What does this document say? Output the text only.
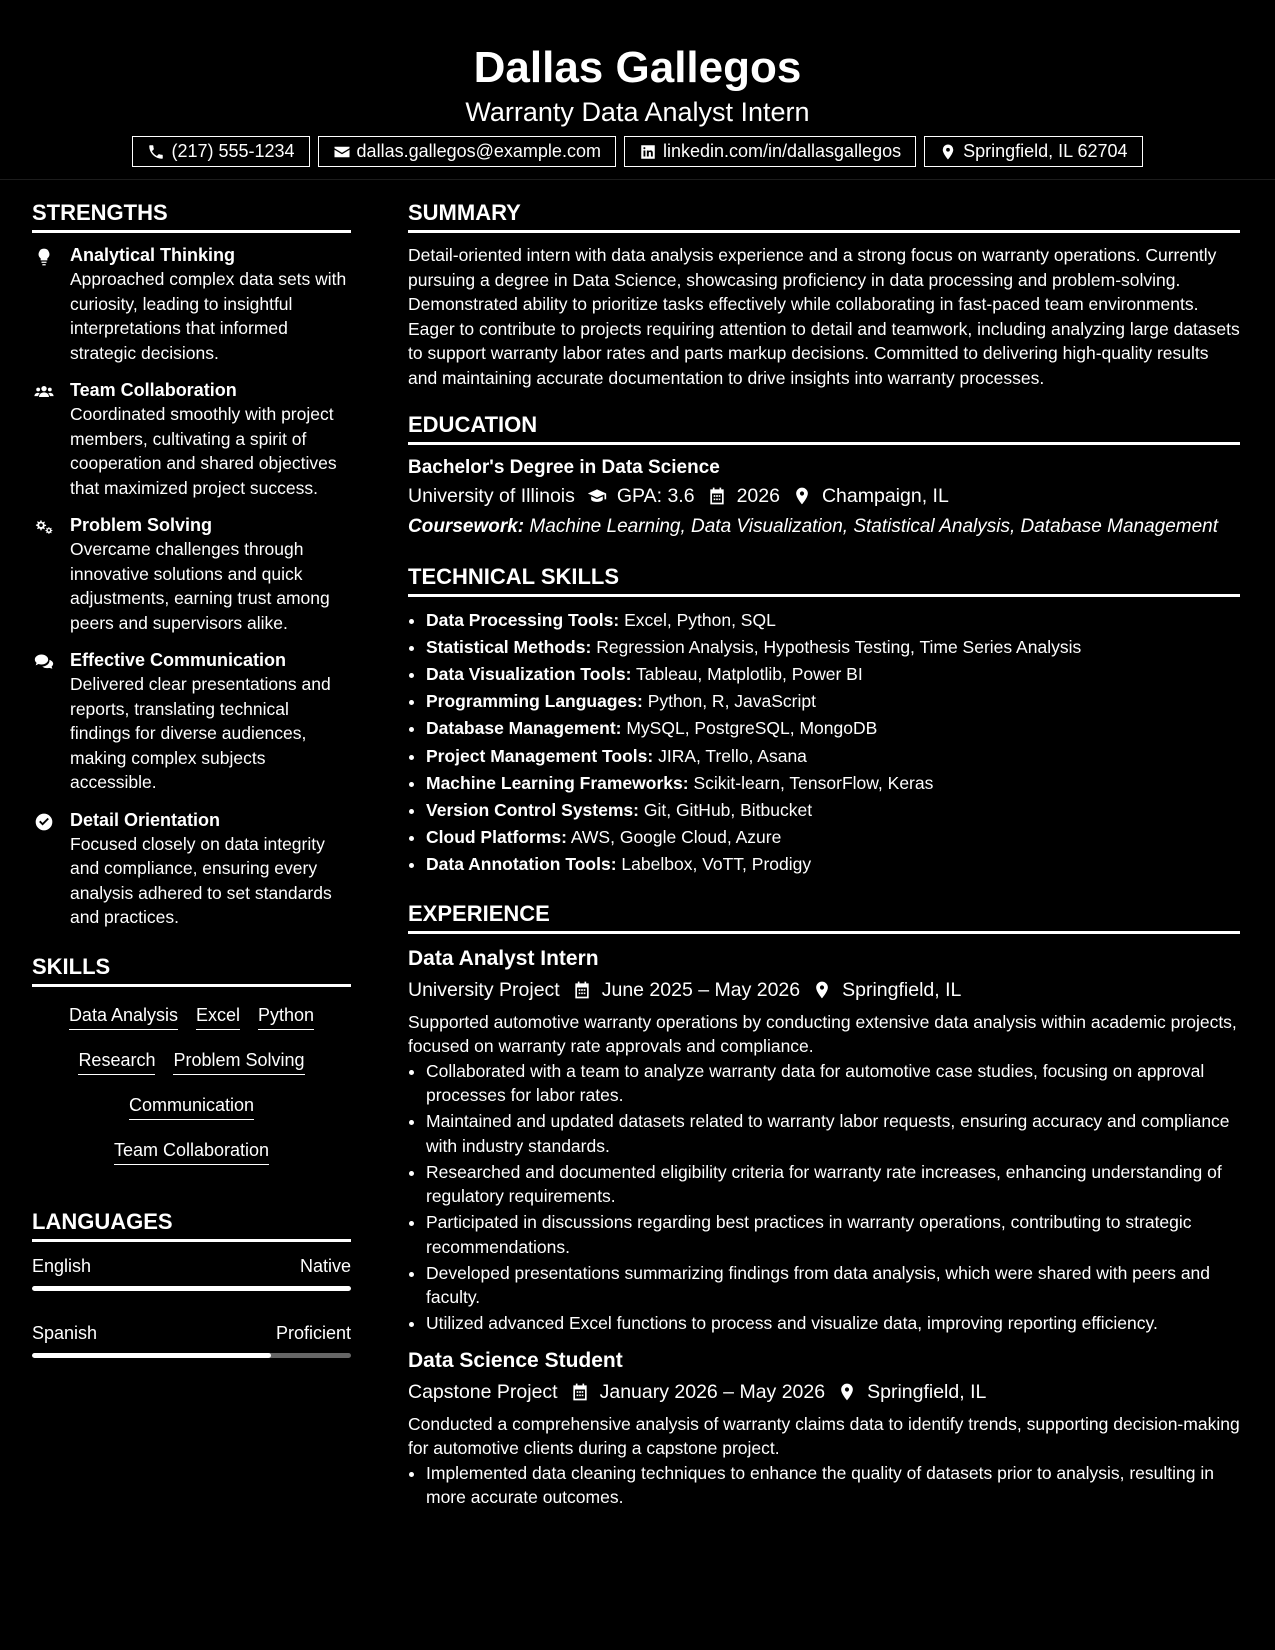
Dallas Gallegos
Warranty Data Analyst Intern
(217) 555-1234	dallas.gallegos@example.com	linkedin.com/in/dallasgallegos	Springfield, IL 62704
STRENGTHS
Analytical Thinking
Approached complex data sets with curiosity, leading to insightful interpretations that informed strategic decisions.
Team Collaboration
Coordinated smoothly with project members, cultivating a spirit of cooperation and shared objectives that maximized project success.
Problem Solving
Overcame challenges through innovative solutions and quick adjustments, earning trust among peers and supervisors alike.
Effective Communication
Delivered clear presentations and reports, translating technical findings for diverse audiences, making complex subjects accessible.
Detail Orientation
Focused closely on data integrity and compliance, ensuring every analysis adhered to set standards and practices.
SKILLS
Data Analysis Excel Python
Research Problem Solving
Communication
Team Collaboration
LANGUAGES
English	Native
Spanish	Proficient
SUMMARY
Detail-oriented intern with data analysis experience and a strong focus on warranty operations. Currently pursuing a degree in Data Science, showcasing proficiency in data processing and problem-solving. Demonstrated ability to prioritize tasks effectively while collaborating in fast-paced team environments. Eager to contribute to projects requiring attention to detail and teamwork, including analyzing large datasets to support warranty labor rates and parts markup decisions. Committed to delivering high-quality results and maintaining accurate documentation to drive insights into warranty processes.
EDUCATION
Bachelor's Degree in Data Science
University of Illinois GPA: 3.6 2026 Champaign, IL
Coursework: Machine Learning, Data Visualization, Statistical Analysis, Database Management
TECHNICAL SKILLS
• Data Processing Tools: Excel, Python, SQL
• Statistical Methods: Regression Analysis, Hypothesis Testing, Time Series Analysis
• Data Visualization Tools: Tableau, Matplotlib, Power BI
• Programming Languages: Python, R, JavaScript
• Database Management: MySQL, PostgreSQL, MongoDB
• Project Management Tools: JIRA, Trello, Asana
• Machine Learning Frameworks: Scikit-learn, TensorFlow, Keras
• Version Control Systems: Git, GitHub, Bitbucket
• Cloud Platforms: AWS, Google Cloud, Azure
• Data Annotation Tools: Labelbox, VoTT, Prodigy
EXPERIENCE
Data Analyst Intern
University Project June 2025 – May 2026 Springfield, IL
Supported automotive warranty operations by conducting extensive data analysis within academic projects, focused on warranty rate approvals and compliance.
• Collaborated with a team to analyze warranty data for automotive case studies, focusing on approval processes for labor rates.
• Maintained and updated datasets related to warranty labor requests, ensuring accuracy and compliance with industry standards.
• Researched and documented eligibility criteria for warranty rate increases, enhancing understanding of regulatory requirements.
• Participated in discussions regarding best practices in warranty operations, contributing to strategic recommendations.
• Developed presentations summarizing findings from data analysis, which were shared with peers and faculty.
• Utilized advanced Excel functions to process and visualize data, improving reporting efficiency.
Data Science Student
Capstone Project January 2026 – May 2026 Springfield, IL
Conducted a comprehensive analysis of warranty claims data to identify trends, supporting decision-making for automotive clients during a capstone project.
• Implemented data cleaning techniques to enhance the quality of datasets prior to analysis, resulting in more accurate outcomes.
